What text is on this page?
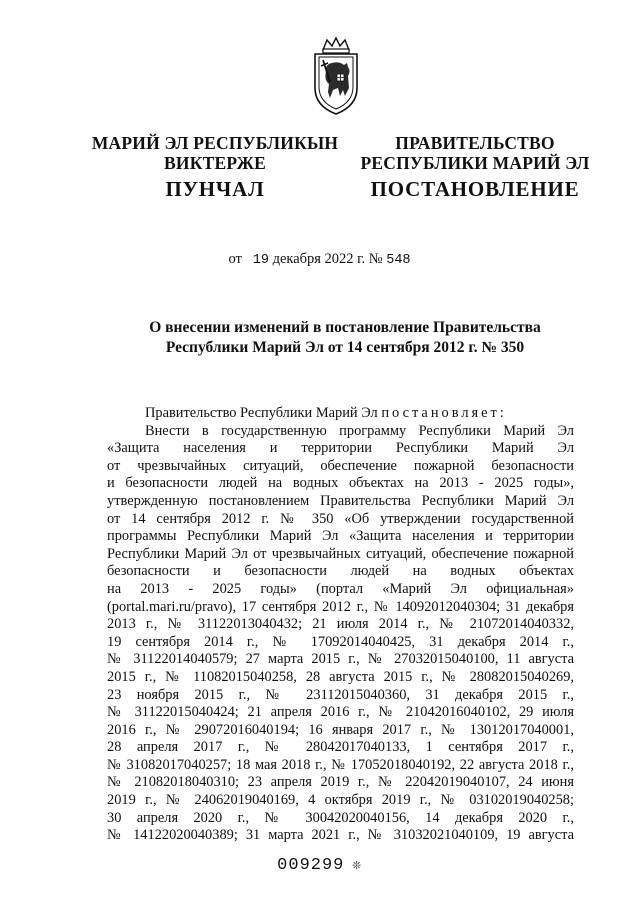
МАРИЙ ЭЛ РЕСПУБЛИКЫН
ВИКТЕРЖЕ
ПРАВИТЕЛЬСТВО
РЕСПУБЛИКИ МАРИЙ ЭЛ
ПУНЧАЛ	ПОСТАНОВЛЕНИЕ
от 19 декабря 2022 г. № 548
О внесении изменений в постановление Правительства
Республики Марий Эл от 14 сентября 2012 г. № 350
Правительство Республики Марий Эл постановляет:
Внести в государственную программу Республики Марий Эл
«Защита населения и территории Республики Марий Эл
от чрезвычайных ситуаций, обеспечение пожарной безопасности
и безопасности людей на водных объектах на 2013 - 2025 годы»,
утвержденную постановлением Правительства Республики Марий Эл
от 14 сентября 2012 г. № 350 «Об утверждении государственной
программы Республики Марий Эл «Защита населения и территории
Республики Марий Эл от чрезвычайных ситуаций, обеспечение пожарной
безопасности и безопасности людей на водных объектах
на 2013 - 2025 годы» (портал «Марий Эл официальная»
(portal.mari.ru/pravo), 17 сентября 2012 г., № 14092012040304; 31 декабря
2013 г., № 31122013040432; 21 июля 2014 г., № 21072014040332,
19 сентября 2014 г., № 17092014040425, 31 декабря 2014 г.,
№ 31122014040579; 27 марта 2015 г., № 27032015040100, 11 августа
2015 г., № 11082015040258, 28 августа 2015 г., № 28082015040269,
23 ноября 2015 г., № 23112015040360, 31 декабря 2015 г.,
№ 31122015040424; 21 апреля 2016 г., № 21042016040102, 29 июля
2016 г., № 29072016040194; 16 января 2017 г., № 13012017040001,
28 апреля 2017 г., № 28042017040133, 1 сентября 2017 г.,
№ 31082017040257; 18 мая 2018 г., № 17052018040192, 22 августа 2018 г.,
№ 21082018040310; 23 апреля 2019 г., № 22042019040107, 24 июня
2019 г., № 24062019040169, 4 октября 2019 г., № 03102019040258;
30 апреля 2020 г., № 30042020040156, 14 декабря 2020 г.,
№ 14122020040389; 31 марта 2021 г., № 31032021040109, 19 августа
009299 ❊
